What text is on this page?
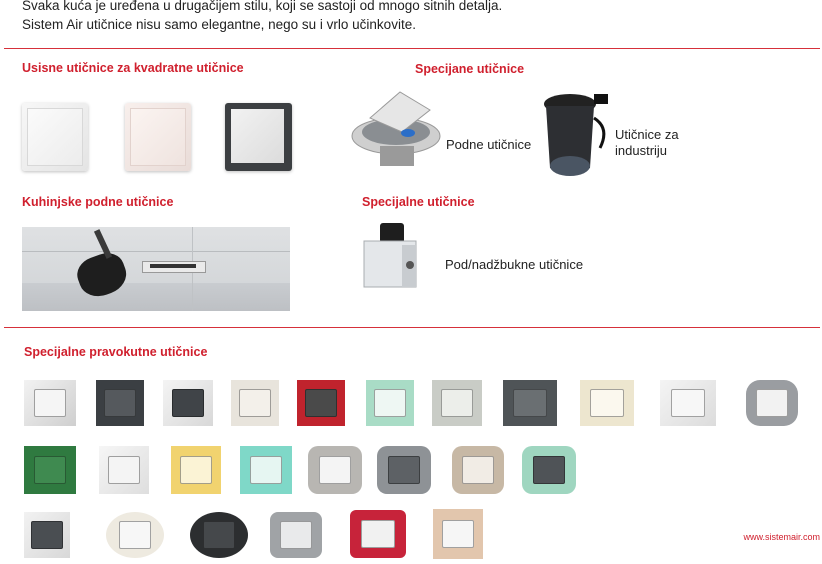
Svaka kuća je uređena u drugačijem stilu, koji se sastoji od mnogo sitnih detalja.
Sistem Air utičnice nisu samo elegantne, nego su i vrlo učinkovite.
Usisne utičnice za kvadratne utičnice	Specijane utičnice
Kuhinjske podne utičnice	Specijalne utičnice
Podne utičnice
Utičnice za
industriju
Pod/nadžbukne utičnice
Specijalne pravokutne utičnice
www.sistemair.com
